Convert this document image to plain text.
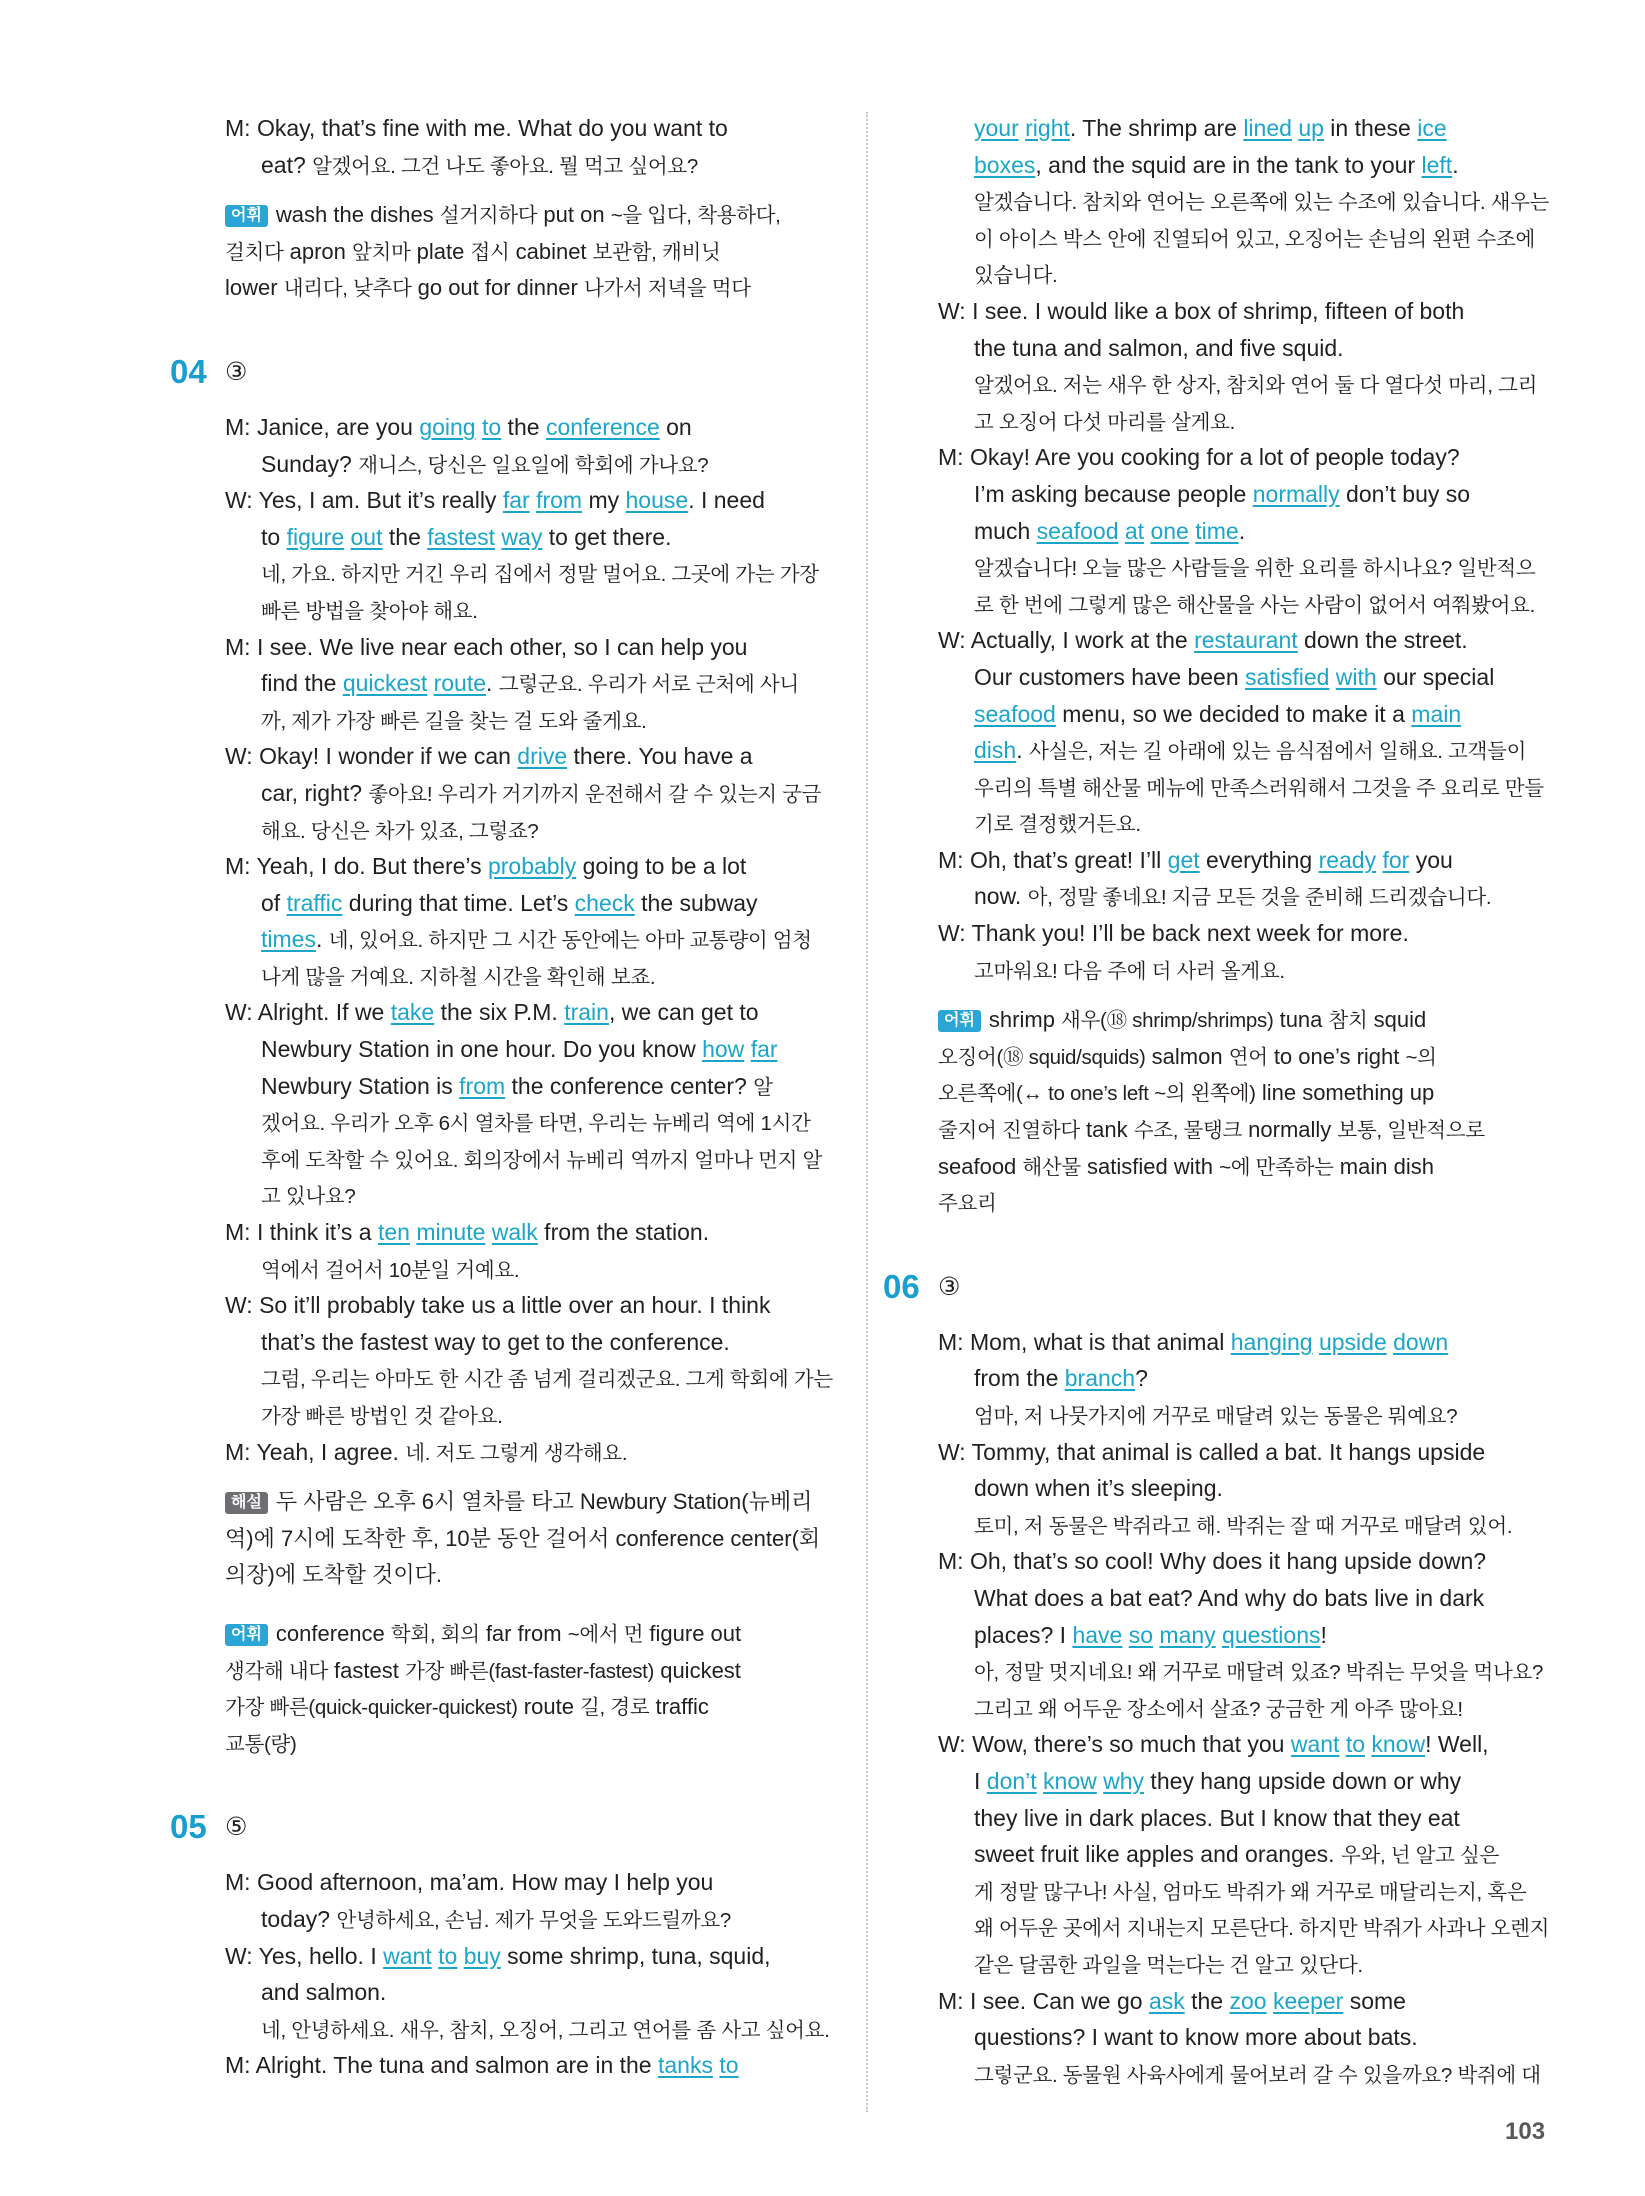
M: Okay, that’s fine with me. What do you want to
eat? 알겠어요. 그건 나도 좋아요. 뭘 먹고 싶어요?
어휘 wash the dishes 설거지하다 put on ~을 입다, 착용하다,
걸치다 apron 앞치마 plate 접시 cabinet 보관함, 캐비닛
lower 내리다, 낮추다 go out for dinner 나가서 저녁을 먹다
04 ③
M: Janice, are you going to the conference on
Sunday? 재니스, 당신은 일요일에 학회에 가나요?
W: Yes, I am. But it’s really far from my house. I need
to figure out the fastest way to get there.
네, 가요. 하지만 거긴 우리 집에서 정말 멀어요. 그곳에 가는 가장
빠른 방법을 찾아야 해요.
M: I see. We live near each other, so I can help you
find the quickest route. 그렇군요. 우리가 서로 근처에 사니
까, 제가 가장 빠른 길을 찾는 걸 도와 줄게요.
W: Okay! I wonder if we can drive there. You have a
car, right? 좋아요! 우리가 거기까지 운전해서 갈 수 있는지 궁금
해요. 당신은 차가 있죠, 그렇죠?
M: Yeah, I do. But there’s probably going to be a lot
of traffic during that time. Let’s check the subway
times. 네, 있어요. 하지만 그 시간 동안에는 아마 교통량이 엄청
나게 많을 거예요. 지하철 시간을 확인해 보죠.
W: Alright. If we take the six P.M. train, we can get to
Newbury Station in one hour. Do you know how far
Newbury Station is from the conference center? 알
겠어요. 우리가 오후 6시 열차를 타면, 우리는 뉴베리 역에 1시간
후에 도착할 수 있어요. 회의장에서 뉴베리 역까지 얼마나 먼지 알
고 있나요?
M: I think it’s a ten minute walk from the station.
역에서 걸어서 10분일 거예요.
W: So it’ll probably take us a little over an hour. I think
that’s the fastest way to get to the conference.
그럼, 우리는 아마도 한 시간 좀 넘게 걸리겠군요. 그게 학회에 가는
가장 빠른 방법인 것 같아요.
M: Yeah, I agree. 네. 저도 그렇게 생각해요.
해설 두 사람은 오후 6시 열차를 타고 Newbury Station(뉴베리
역)에 7시에 도착한 후, 10분 동안 걸어서 conference center(회
의장)에 도착할 것이다.
어휘 conference 학회, 회의 far from ~에서 먼 figure out
생각해 내다 fastest 가장 빠른(fast-faster-fastest) quickest
가장 빠른(quick-quicker-quickest) route 길, 경로 traffic
교통(량)
05 ⑤
M: Good afternoon, ma’am. How may I help you
today? 안녕하세요, 손님. 제가 무엇을 도와드릴까요?
W: Yes, hello. I want to buy some shrimp, tuna, squid,
and salmon.
네, 안녕하세요. 새우, 참치, 오징어, 그리고 연어를 좀 사고 싶어요.
M: Alright. The tuna and salmon are in the tanks to
your right. The shrimp are lined up in these ice
boxes, and the squid are in the tank to your left.
알겠습니다. 참치와 연어는 오른쪽에 있는 수조에 있습니다. 새우는
이 아이스 박스 안에 진열되어 있고, 오징어는 손님의 왼편 수조에
있습니다.
W: I see. I would like a box of shrimp, fifteen of both
the tuna and salmon, and five squid.
알겠어요. 저는 새우 한 상자, 참치와 연어 둘 다 열다섯 마리, 그리
고 오징어 다섯 마리를 살게요.
M: Okay! Are you cooking for a lot of people today?
I’m asking because people normally don’t buy so
much seafood at one time.
알겠습니다! 오늘 많은 사람들을 위한 요리를 하시나요? 일반적으
로 한 번에 그렇게 많은 해산물을 사는 사람이 없어서 여쭤봤어요.
W: Actually, I work at the restaurant down the street.
Our customers have been satisfied with our special
seafood menu, so we decided to make it a main
dish. 사실은, 저는 길 아래에 있는 음식점에서 일해요. 고객들이
우리의 특별 해산물 메뉴에 만족스러워해서 그것을 주 요리로 만들
기로 결정했거든요.
M: Oh, that’s great! I’ll get everything ready for you
now. 아, 정말 좋네요! 지금 모든 것을 준비해 드리겠습니다.
W: Thank you! I’ll be back next week for more.
고마워요! 다음 주에 더 사러 올게요.
어휘 shrimp 새우(⑱ shrimp/shrimps) tuna 참치 squid
오징어(⑱ squid/squids) salmon 연어 to one’s right ~의
오른쪽에(↔ to one’s left ~의 왼쪽에) line something up
줄지어 진열하다 tank 수조, 물탱크 normally 보통, 일반적으로
seafood 해산물 satisfied with ~에 만족하는 main dish
주요리
06 ③
M: Mom, what is that animal hanging upside down
from the branch?
엄마, 저 나뭇가지에 거꾸로 매달려 있는 동물은 뭐예요?
W: Tommy, that animal is called a bat. It hangs upside
down when it’s sleeping.
토미, 저 동물은 박쥐라고 해. 박쥐는 잘 때 거꾸로 매달려 있어.
M: Oh, that’s so cool! Why does it hang upside down?
What does a bat eat? And why do bats live in dark
places? I have so many questions!
아, 정말 멋지네요! 왜 거꾸로 매달려 있죠? 박쥐는 무엇을 먹나요?
그리고 왜 어두운 장소에서 살죠? 궁금한 게 아주 많아요!
W: Wow, there’s so much that you want to know! Well,
I don’t know why they hang upside down or why
they live in dark places. But I know that they eat
sweet fruit like apples and oranges. 우와, 넌 알고 싶은
게 정말 많구나! 사실, 엄마도 박쥐가 왜 거꾸로 매달리는지, 혹은
왜 어두운 곳에서 지내는지 모른단다. 하지만 박쥐가 사과나 오렌지
같은 달콤한 과일을 먹는다는 건 알고 있단다.
M: I see. Can we go ask the zoo keeper some
questions? I want to know more about bats.
그렇군요. 동물원 사육사에게 물어보러 갈 수 있을까요? 박쥐에 대
103
